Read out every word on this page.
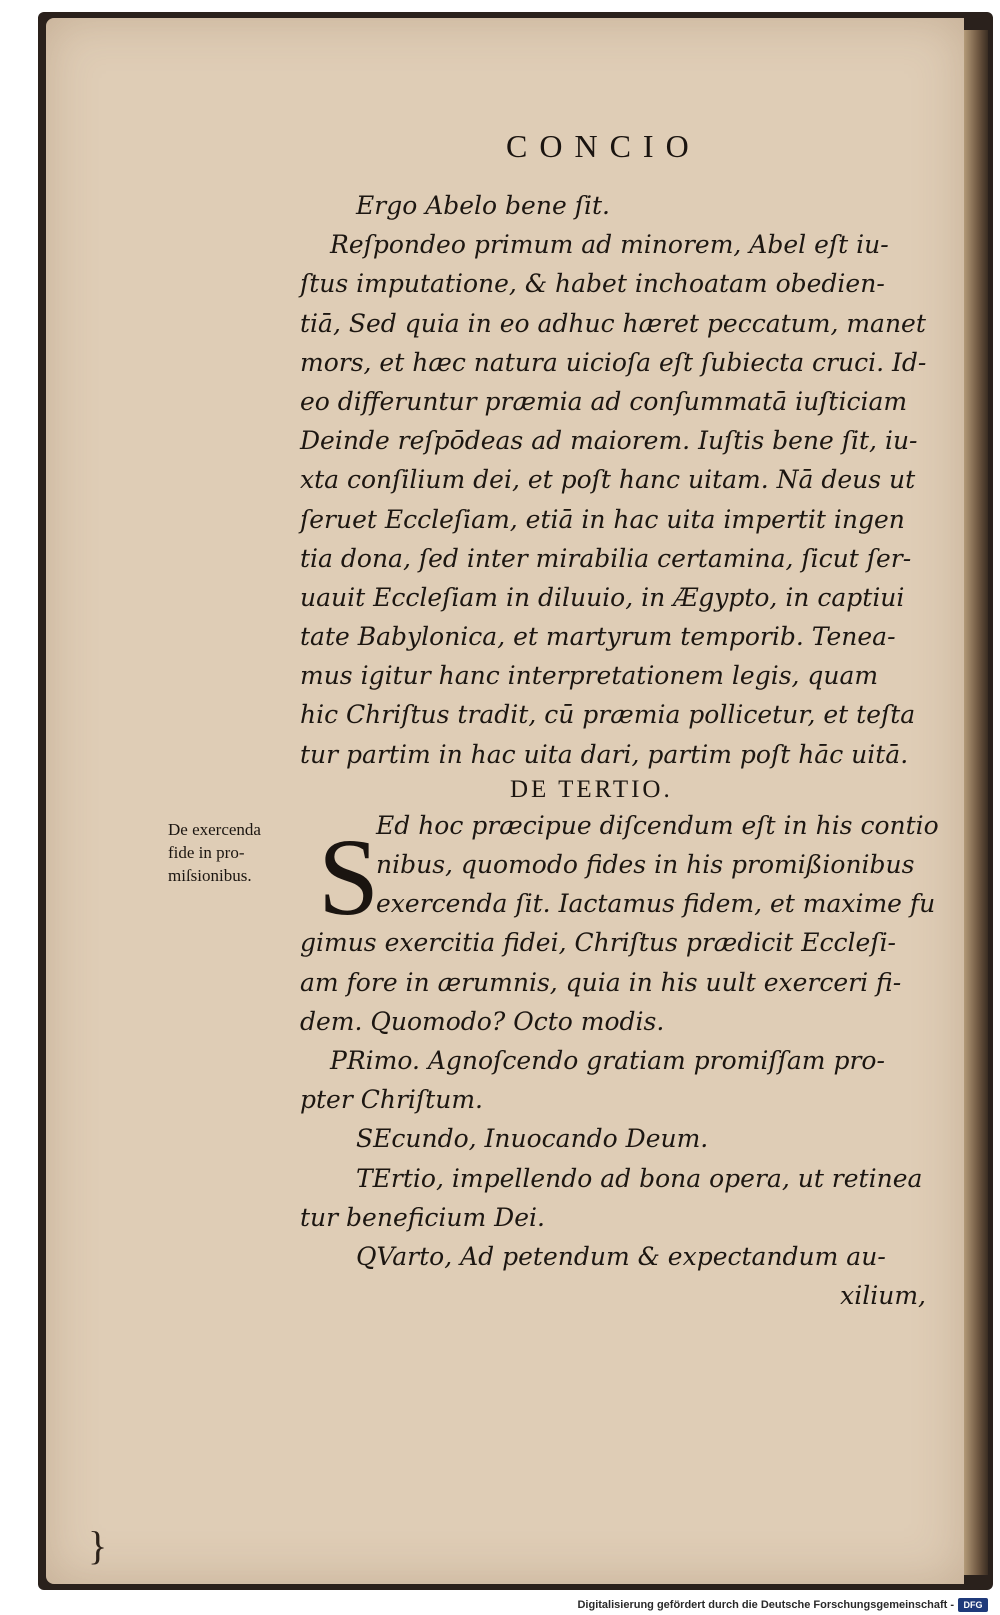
CONCIO
S
De exercenda
fide in pro-
miſsionibus.
Ergo Abelo bene ſit.
Reſpondeo primum ad minorem, Abel eſt iu-
ſtus imputatione, & habet inchoatam obedien-
tiā, Sed quia in eo adhuc hæret peccatum, manet
mors, et hæc natura uicioſa eſt ſubiecta cruci. Id-
eo differuntur præmia ad conſummatā iuſticiam
Deinde reſpōdeas ad maiorem. Iuſtis bene ſit, iu-
xta conſilium dei, et poſt hanc uitam. Nā deus ut
ſeruet Eccleſiam, etiā in hac uita impertit ingen
tia dona, ſed inter mirabilia certamina, ſicut ſer-
uauit Eccleſiam in diluuio, in Ægypto, in captiui
tate Babylonica, et martyrum temporib. Tenea-
mus igitur hanc interpretationem legis, quam
hic Chriſtus tradit, cū præmia pollicetur, et teſta
tur partim in hac uita dari, partim poſt hāc uitā.
DE TERTIO.
Ed hoc præcipue diſcendum eſt in his contio
nibus, quomodo fides in his promißionibus
exercenda ſit. Iactamus fidem, et maxime fu
gimus exercitia fidei, Chriſtus prædicit Eccleſi-
am fore in ærumnis, quia in his uult exerceri fi-
dem. Quomodo? Octo modis.
PRimo. Agnoſcendo gratiam promiſſam pro-
pter Chriſtum.
SEcundo, Inuocando Deum.
TErtio, impellendo ad bona opera, ut retinea
tur beneficium Dei.
QVarto, Ad petendum & expectandum au-
xilium,
}
Digitalisierung gefördert durch die Deutsche Forschungsgemeinschaft -	DFG
